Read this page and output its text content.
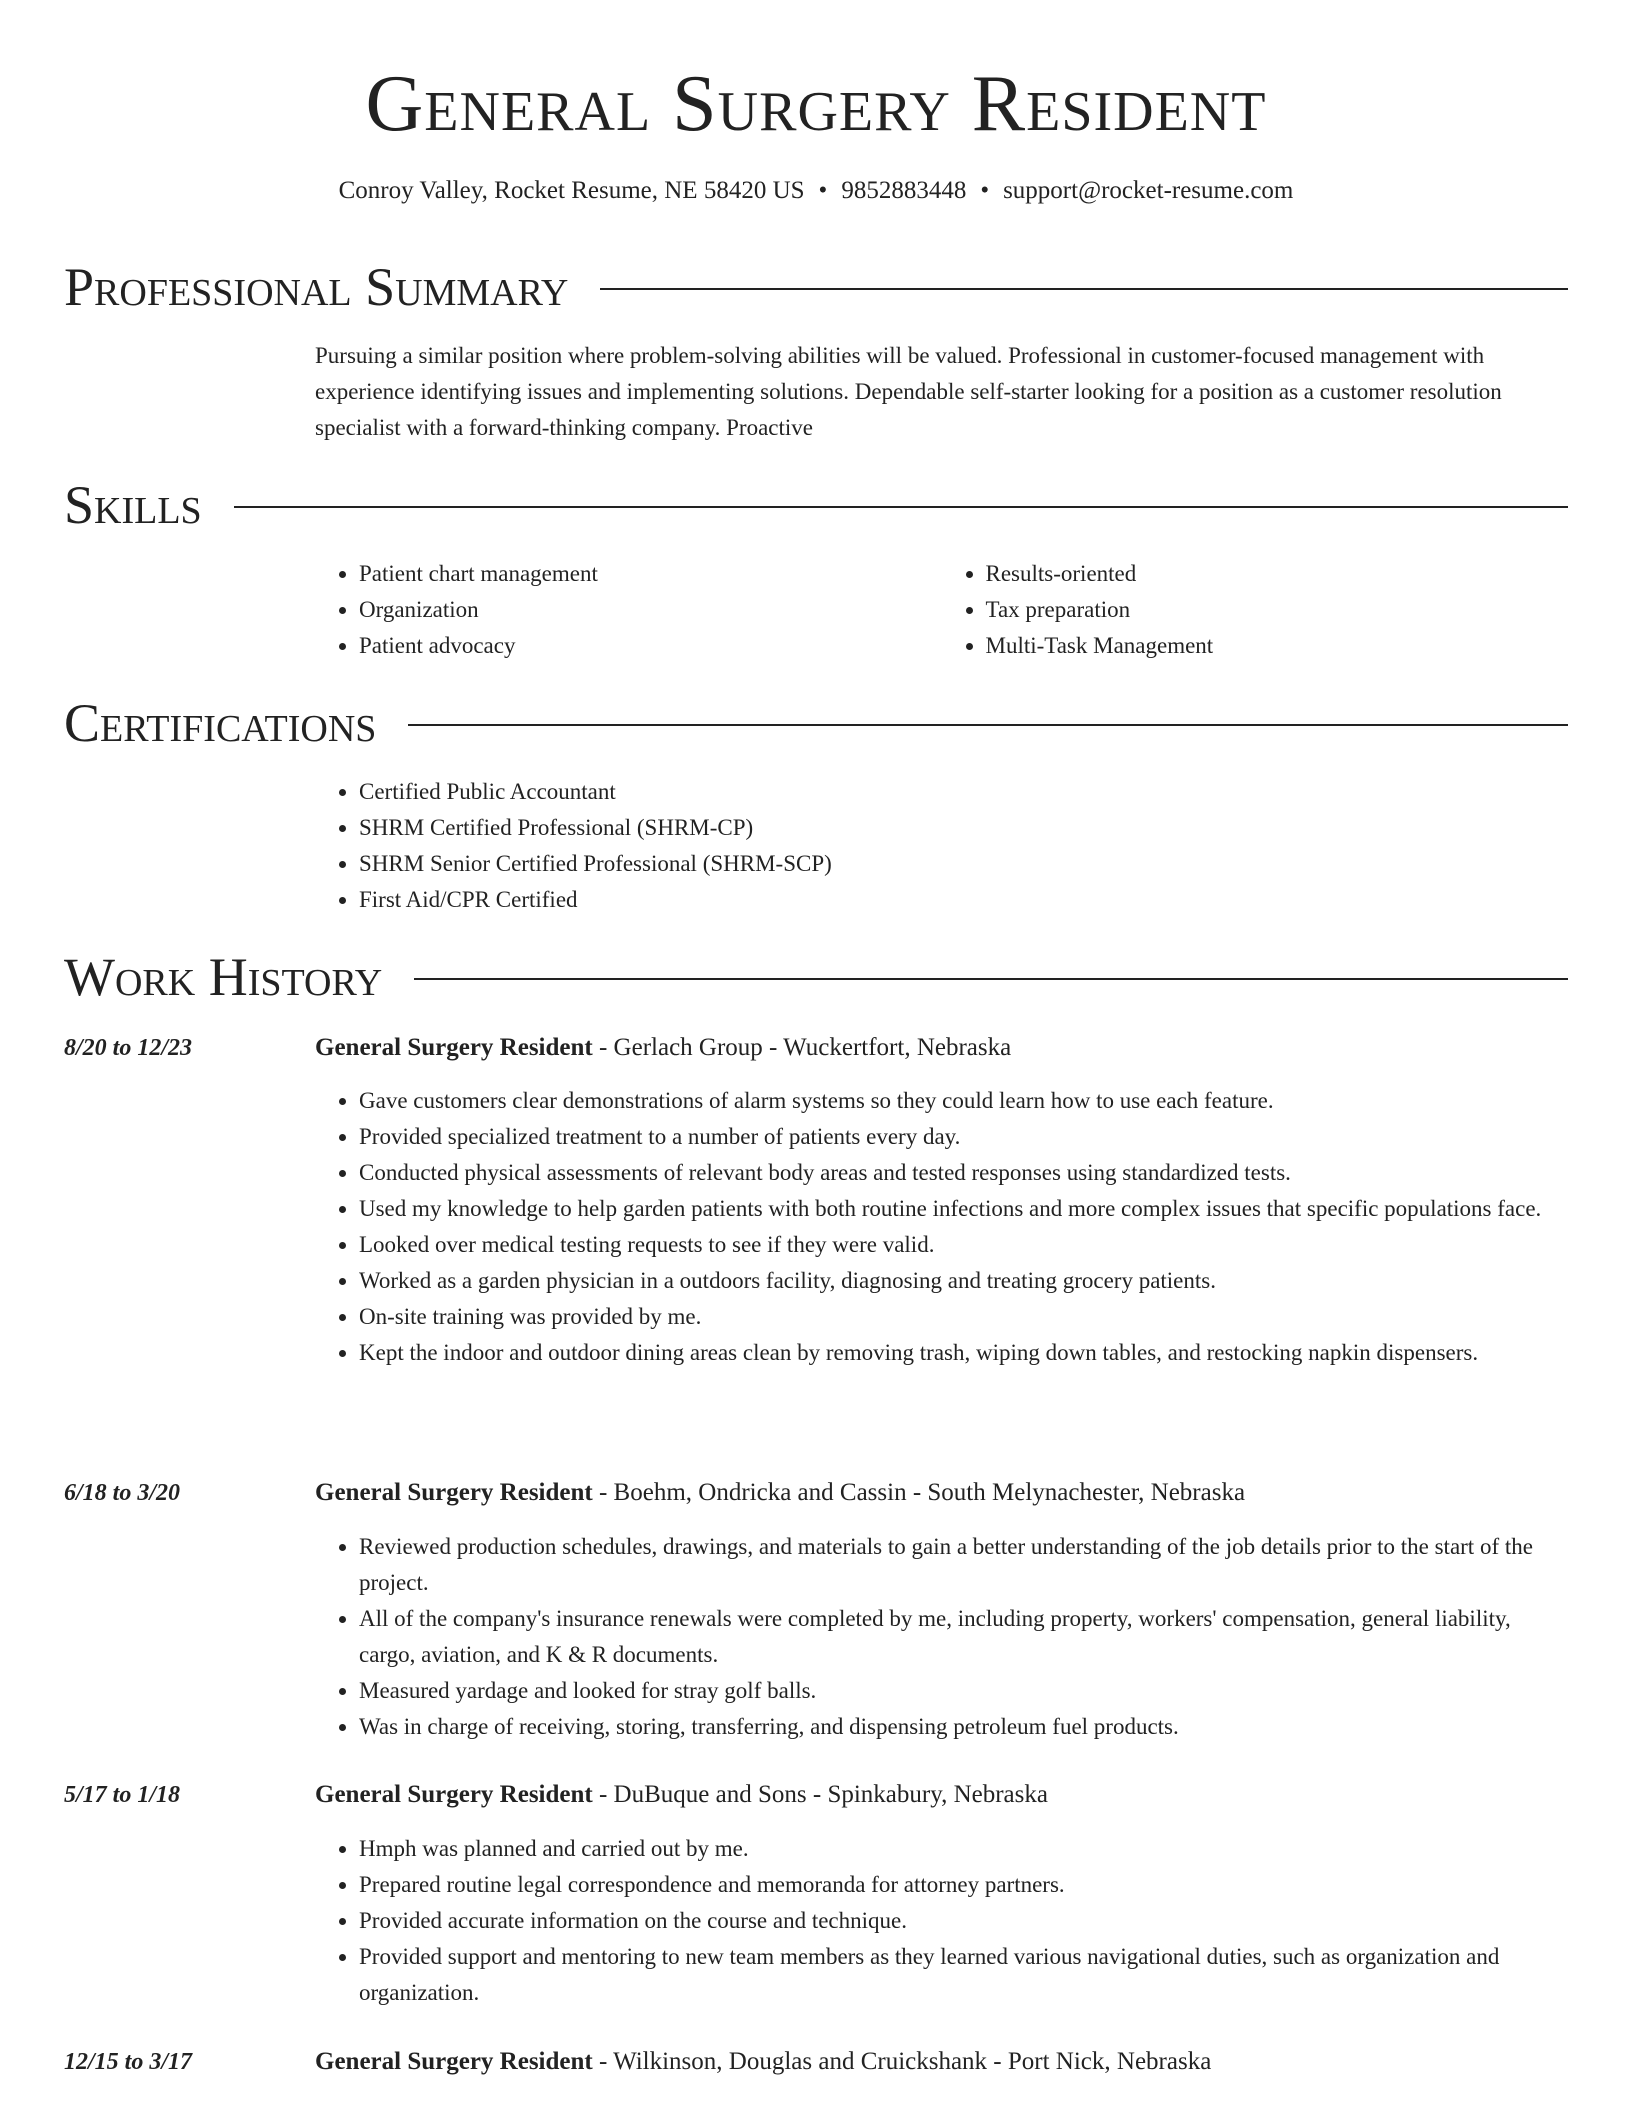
General Surgery Resident
Conroy Valley, Rocket Resume, NE 58420 US • 9852883448 • support@rocket-resume.com
Professional Summary
Pursuing a similar position where problem-solving abilities will be valued. Professional in customer-focused management with experience identifying issues and implementing solutions. Dependable self-starter looking for a position as a customer resolution specialist with a forward-thinking company. Proactive
Skills
• Patient chart management
• Organization
• Patient advocacy
• Results-oriented
• Tax preparation
• Multi-Task Management
Certifications
• Certified Public Accountant
• SHRM Certified Professional (SHRM-CP)
• SHRM Senior Certified Professional (SHRM-SCP)
• First Aid/CPR Certified
Work History
8/20 to 12/23	General Surgery Resident - Gerlach Group - Wuckertfort, Nebraska
• Gave customers clear demonstrations of alarm systems so they could learn how to use each feature.
• Provided specialized treatment to a number of patients every day.
• Conducted physical assessments of relevant body areas and tested responses using standardized tests.
• Used my knowledge to help garden patients with both routine infections and more complex issues that specific populations face.
• Looked over medical testing requests to see if they were valid.
• Worked as a garden physician in a outdoors facility, diagnosing and treating grocery patients.
• On-site training was provided by me.
• Kept the indoor and outdoor dining areas clean by removing trash, wiping down tables, and restocking napkin dispensers.
6/18 to 3/20	General Surgery Resident - Boehm, Ondricka and Cassin - South Melynachester, Nebraska
• Reviewed production schedules, drawings, and materials to gain a better understanding of the job details prior to the start of the project.
• All of the company's insurance renewals were completed by me, including property, workers' compensation, general liability, cargo, aviation, and K & R documents.
• Measured yardage and looked for stray golf balls.
• Was in charge of receiving, storing, transferring, and dispensing petroleum fuel products.
5/17 to 1/18	General Surgery Resident - DuBuque and Sons - Spinkabury, Nebraska
• Hmph was planned and carried out by me.
• Prepared routine legal correspondence and memoranda for attorney partners.
• Provided accurate information on the course and technique.
• Provided support and mentoring to new team members as they learned various navigational duties, such as organization and organization.
12/15 to 3/17	General Surgery Resident - Wilkinson, Douglas and Cruickshank - Port Nick, Nebraska
